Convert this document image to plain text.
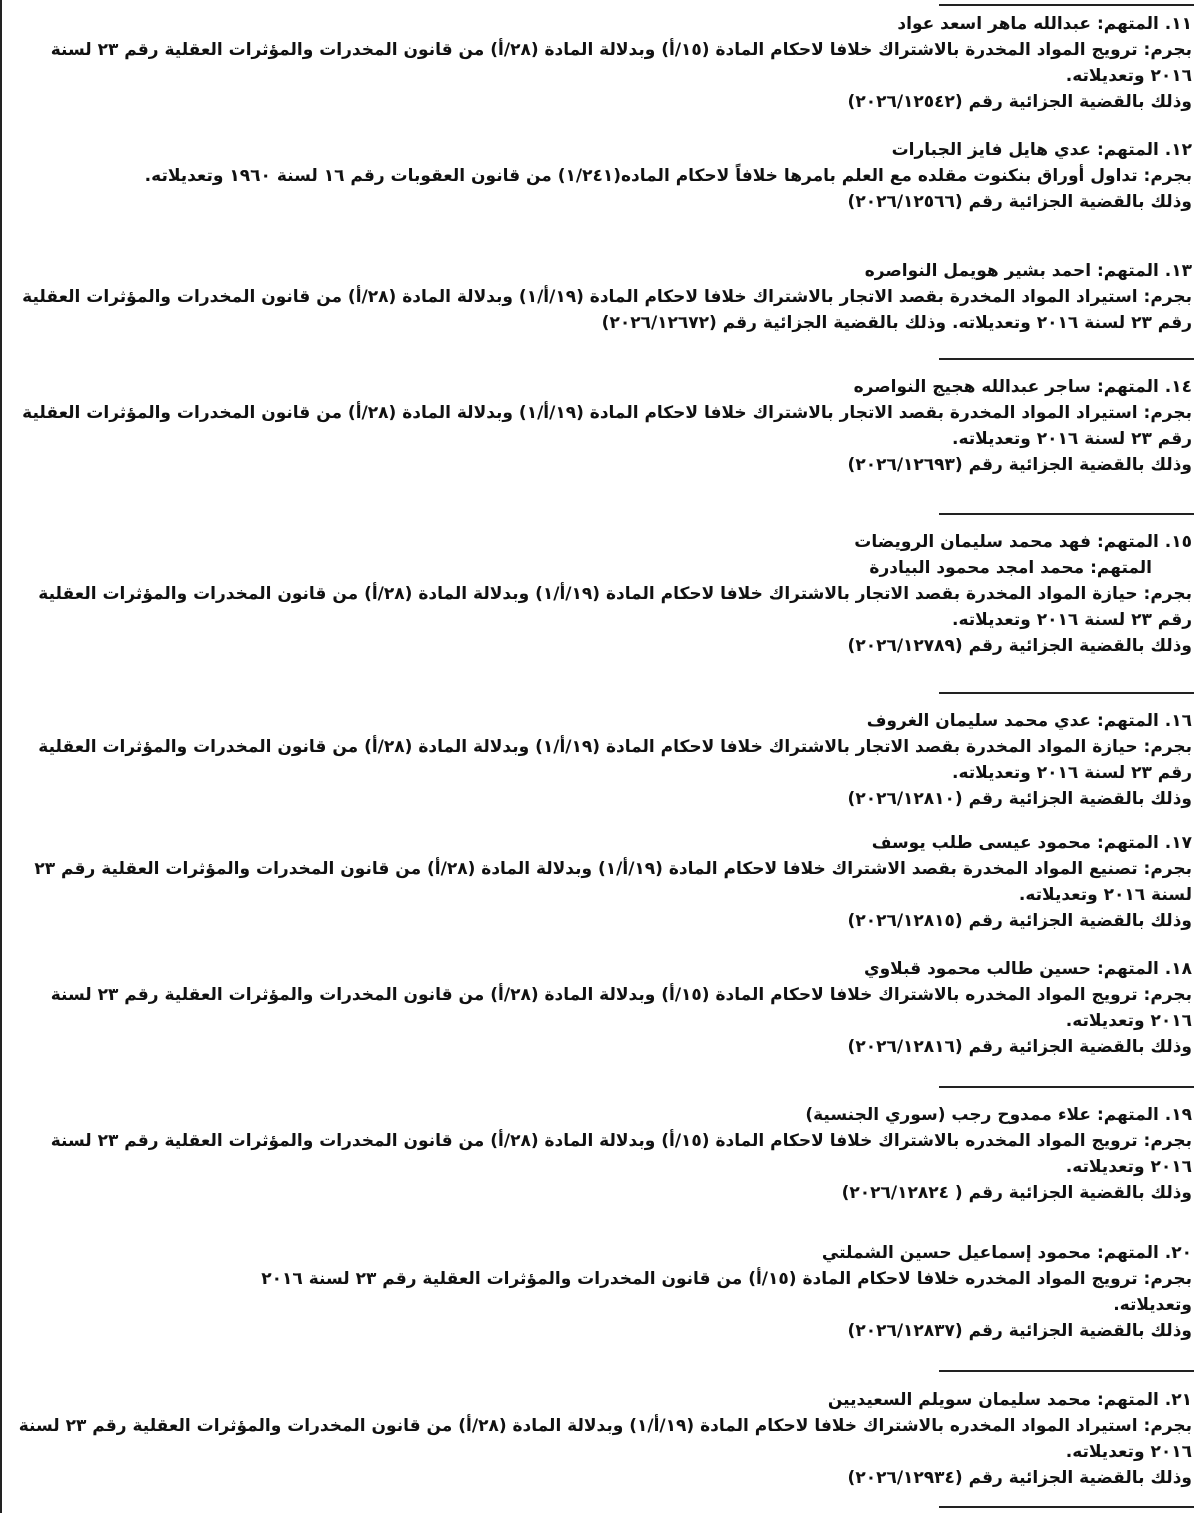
١١. المتهم: عبدالله ماهر اسعد عواد
بجرم: ترويج المواد المخدرة بالاشتراك خلافا لاحكام المادة (١٥/أ) وبدلالة المادة (٢٨/أ) من قانون المخدرات والمؤثرات العقلية رقم ٢٣ لسنة ٢٠١٦ وتعديلاته.
وذلك بالقضية الجزائية رقم (٢٠٢٦/١٢٥٤٢)
١٢. المتهم: عدي هايل فايز الجبارات
بجرم: تداول أوراق بنكنوت مقلده مع العلم بامرها خلافاً لاحكام الماده(١/٢٤١) من قانون العقوبات رقم ١٦ لسنة ١٩٦٠ وتعديلاته.
وذلك بالقضية الجزائية رقم (٢٠٢٦/١٢٥٦٦)
١٣. المتهم: احمد بشير هويمل النواصره
بجرم: استيراد المواد المخدرة بقصد الاتجار بالاشتراك خلافا لاحكام المادة (١٩/أ/١) وبدلالة المادة (٢٨/أ) من قانون المخدرات والمؤثرات العقلية رقم ٢٣ لسنة ٢٠١٦ وتعديلاته. وذلك بالقضية الجزائية رقم (٢٠٢٦/١٢٦٧٢)
١٤. المتهم: ساجر عبدالله هجيج النواصره
بجرم: استيراد المواد المخدرة بقصد الاتجار بالاشتراك خلافا لاحكام المادة (١٩/أ/١) وبدلالة المادة (٢٨/أ) من قانون المخدرات والمؤثرات العقلية رقم ٢٣ لسنة ٢٠١٦ وتعديلاته.
وذلك بالقضية الجزائية رقم (٢٠٢٦/١٢٦٩٣)
١٥. المتهم: فهد محمد سليمان الرويضات
المتهم: محمد امجد محمود البيادرة
بجرم: حيازة المواد المخدرة بقصد الاتجار بالاشتراك خلافا لاحكام المادة (١٩/أ/١) وبدلالة المادة (٢٨/أ) من قانون المخدرات والمؤثرات العقلية رقم ٢٣ لسنة ٢٠١٦ وتعديلاته.
وذلك بالقضية الجزائية رقم (٢٠٢٦/١٢٧٨٩)
١٦. المتهم: عدي محمد سليمان الغروف
بجرم: حيازة المواد المخدرة بقصد الاتجار بالاشتراك خلافا لاحكام المادة (١٩/أ/١) وبدلالة المادة (٢٨/أ) من قانون المخدرات والمؤثرات العقلية رقم ٢٣ لسنة ٢٠١٦ وتعديلاته.
وذلك بالقضية الجزائية رقم (٢٠٢٦/١٢٨١٠)
١٧. المتهم: محمود عيسى طلب يوسف
بجرم: تصنيع المواد المخدرة بقصد الاشتراك خلافا لاحكام المادة (١٩/أ/١) وبدلالة المادة (٢٨/أ) من قانون المخدرات والمؤثرات العقلية رقم ٢٣ لسنة ٢٠١٦ وتعديلاته.
وذلك بالقضية الجزائية رقم (٢٠٢٦/١٢٨١٥)
١٨. المتهم: حسين طالب محمود قبلاوي
بجرم: ترويج المواد المخدره بالاشتراك خلافا لاحكام المادة (١٥/أ) وبدلالة المادة (٢٨/أ) من قانون المخدرات والمؤثرات العقلية رقم ٢٣ لسنة ٢٠١٦ وتعديلاته.
وذلك بالقضية الجزائية رقم (٢٠٢٦/١٢٨١٦)
١٩. المتهم: علاء ممدوح رجب (سوري الجنسية)
بجرم: ترويج المواد المخدره بالاشتراك خلافا لاحكام المادة (١٥/أ) وبدلالة المادة (٢٨/أ) من قانون المخدرات والمؤثرات العقلية رقم ٢٣ لسنة ٢٠١٦ وتعديلاته.
وذلك بالقضية الجزائية رقم ( ٢٠٢٦/١٢٨٢٤)
٢٠. المتهم: محمود إسماعيل حسين الشملتي
بجرم: ترويج المواد المخدره خلافا لاحكام المادة (١٥/أ) من قانون المخدرات والمؤثرات العقلية رقم ٢٣ لسنة ٢٠١٦ وتعديلاته.
وذلك بالقضية الجزائية رقم (٢٠٢٦/١٢٨٣٧)
٢١. المتهم: محمد سليمان سويلم السعيديين
بجرم: استيراد المواد المخدره بالاشتراك خلافا لاحكام المادة (١٩/أ/١) وبدلالة المادة (٢٨/أ) من قانون المخدرات والمؤثرات العقلية رقم ٢٣ لسنة ٢٠١٦ وتعديلاته.
وذلك بالقضية الجزائية رقم (٢٠٢٦/١٢٩٣٤)
